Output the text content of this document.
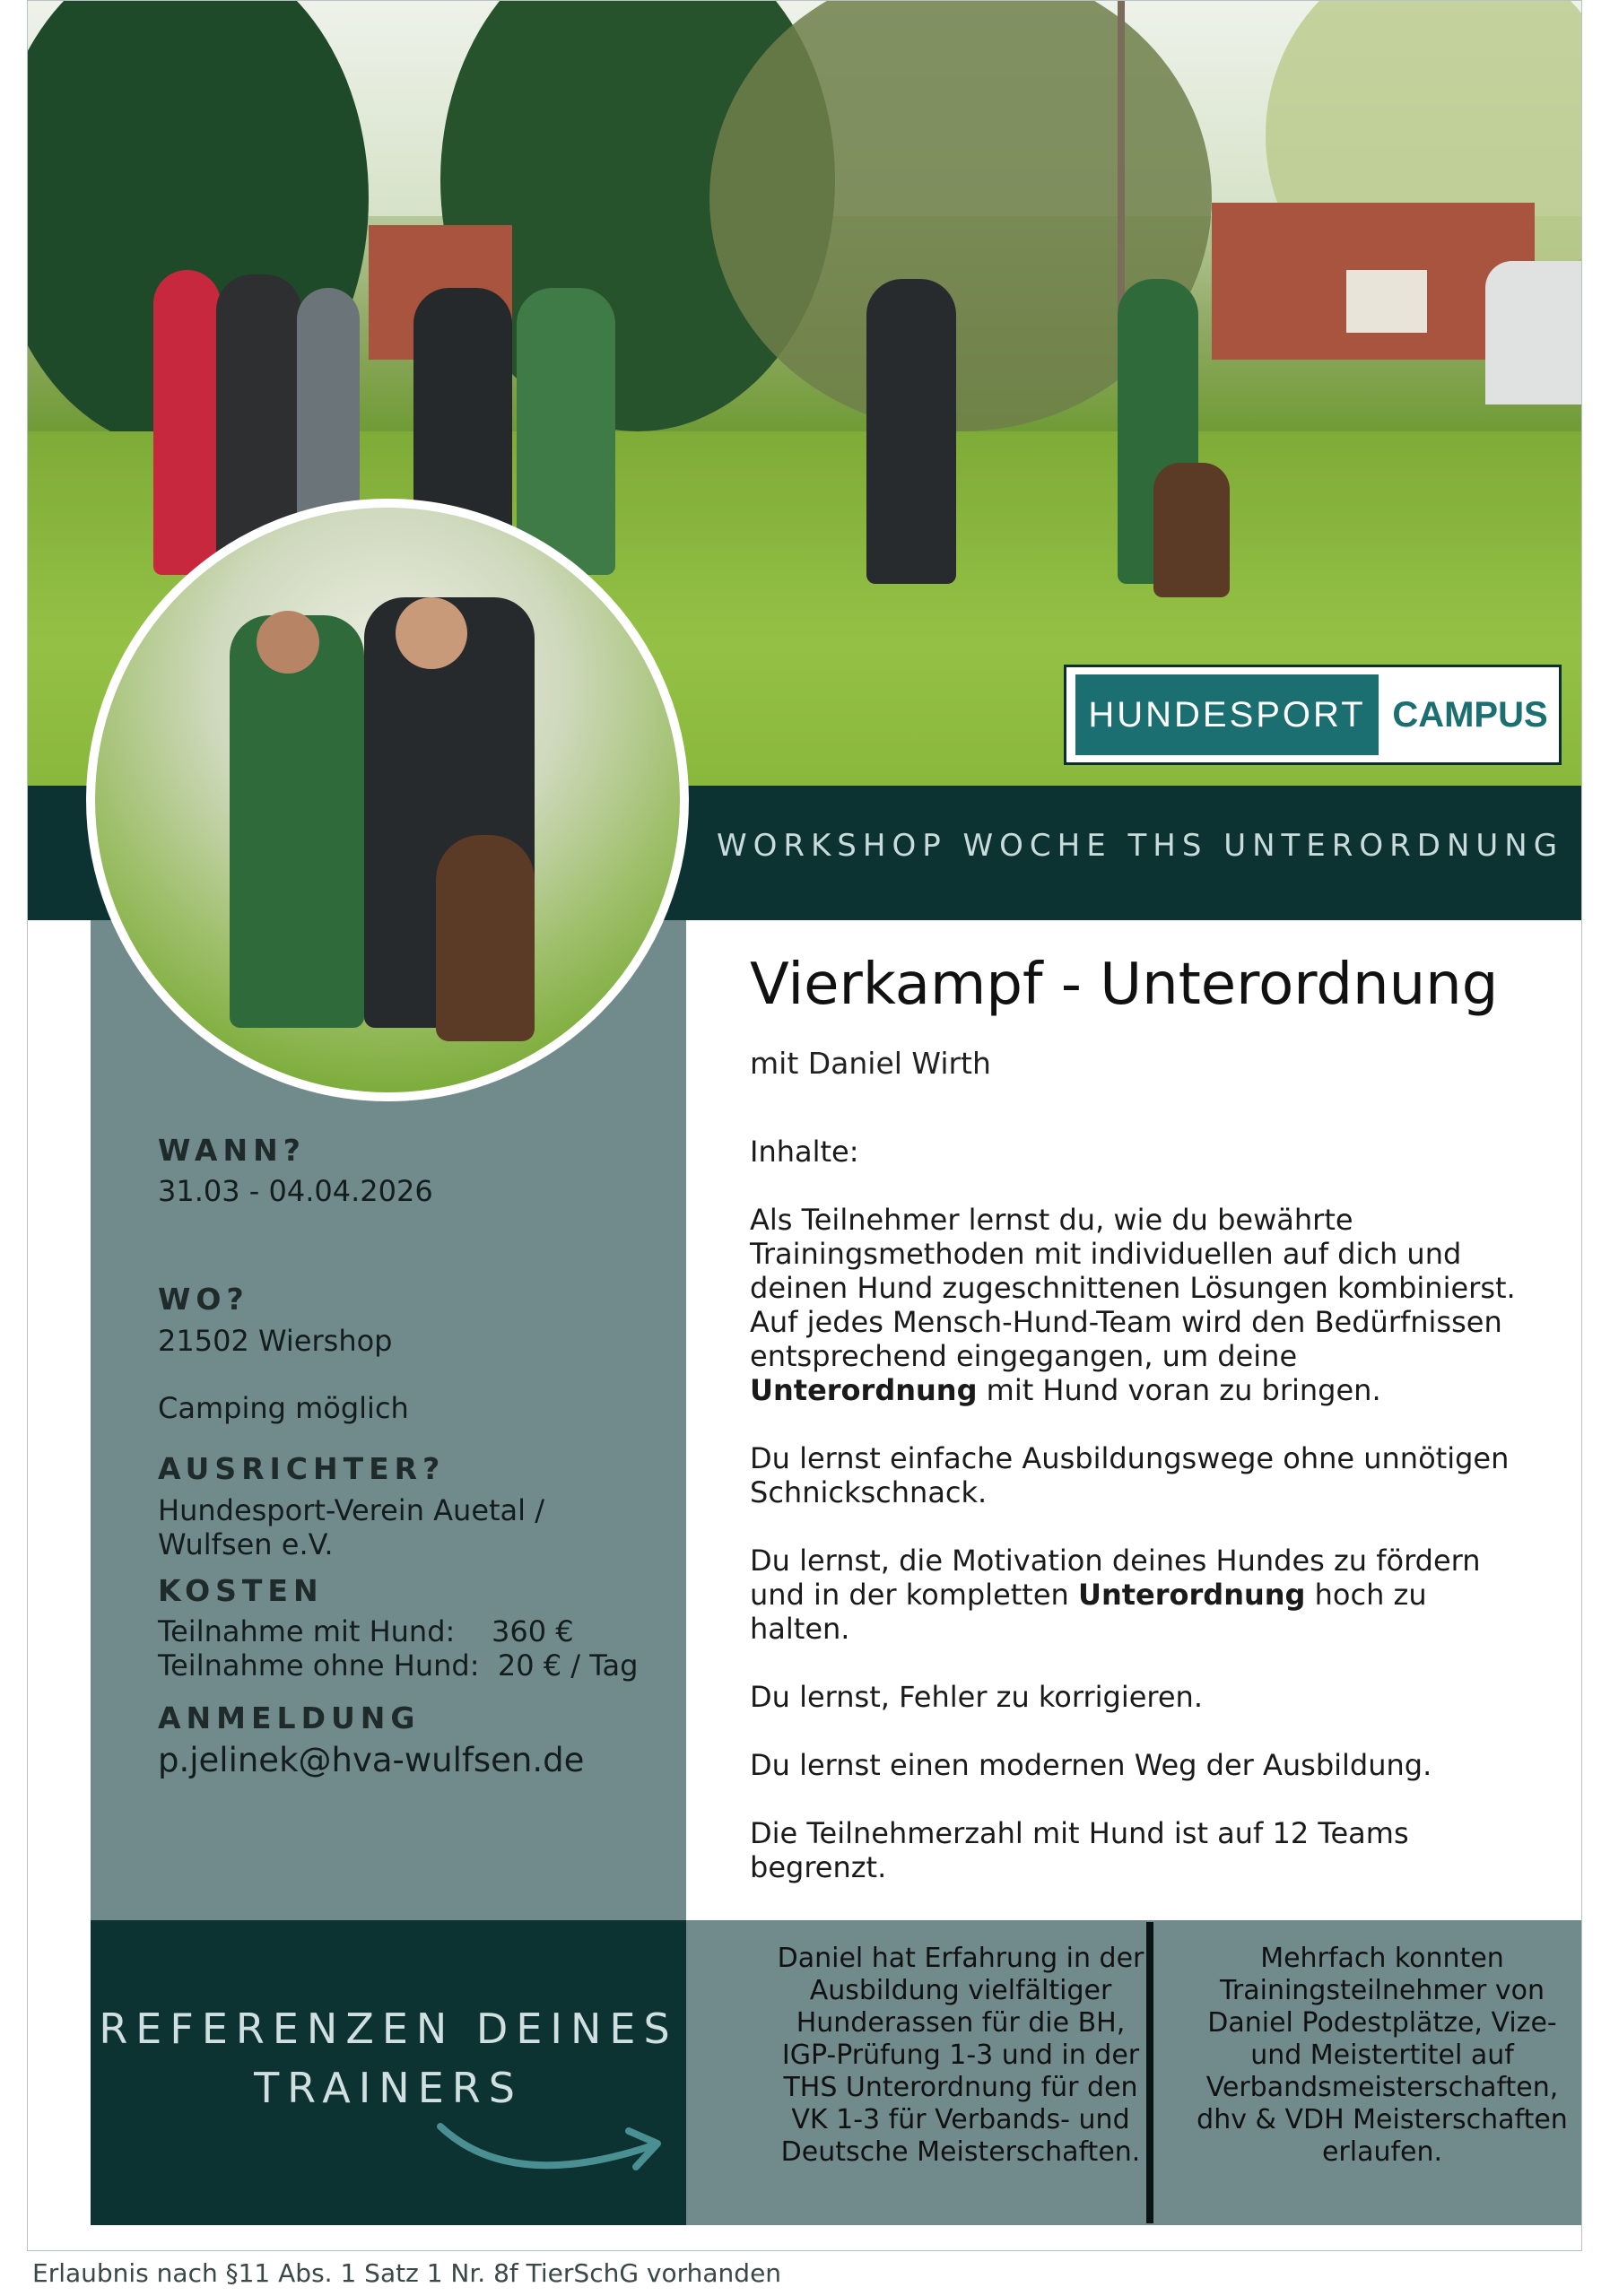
HUNDESPORT CAMPUS
WORKSHOP WOCHE THS UNTERORDNUNG
WANN?
31.03 - 04.04.2026
WO?
21502 Wiershop
Camping möglich
AUSRICHTER?
Hundesport-Verein Auetal /
Wulfsen e.V.
KOSTEN
Teilnahme mit Hund:    360 €
Teilnahme ohne Hund:  20 € / Tag
ANMELDUNG
p.jelinek@hva-wulfsen.de
Vierkampf - Unterordnung
mit Daniel Wirth
Inhalte:
Als Teilnehmer lernst du, wie du bewährte Trainingsmethoden mit individuellen auf dich und deinen Hund zugeschnittenen Lösungen kombinierst. Auf jedes Mensch-Hund-Team wird den Bedürfnissen entsprechend eingegangen, um deine Unterordnung mit Hund voran zu bringen.
Du lernst einfache Ausbildungswege ohne unnötigen Schnickschnack.
Du lernst, die Motivation deines Hundes zu fördern und in der kompletten Unterordnung hoch zu halten.
Du lernst, Fehler zu korrigieren.
Du lernst einen modernen Weg der Ausbildung.
Die Teilnehmerzahl mit Hund ist auf 12 Teams begrenzt.
REFERENZEN DEINES
TRAINERS
Daniel hat Erfahrung in der Ausbildung vielfältiger Hunderassen für die BH, IGP-Prüfung 1-3 und in der THS Unterordnung für den VK 1-3 für Verbands- und Deutsche Meisterschaften.
Mehrfach konnten Trainingsteilnehmer von Daniel Podestplätze, Vize- und Meistertitel auf Verbandsmeisterschaften, dhv & VDH Meisterschaften erlaufen.
Erlaubnis nach §11 Abs. 1 Satz 1 Nr. 8f TierSchG vorhanden
